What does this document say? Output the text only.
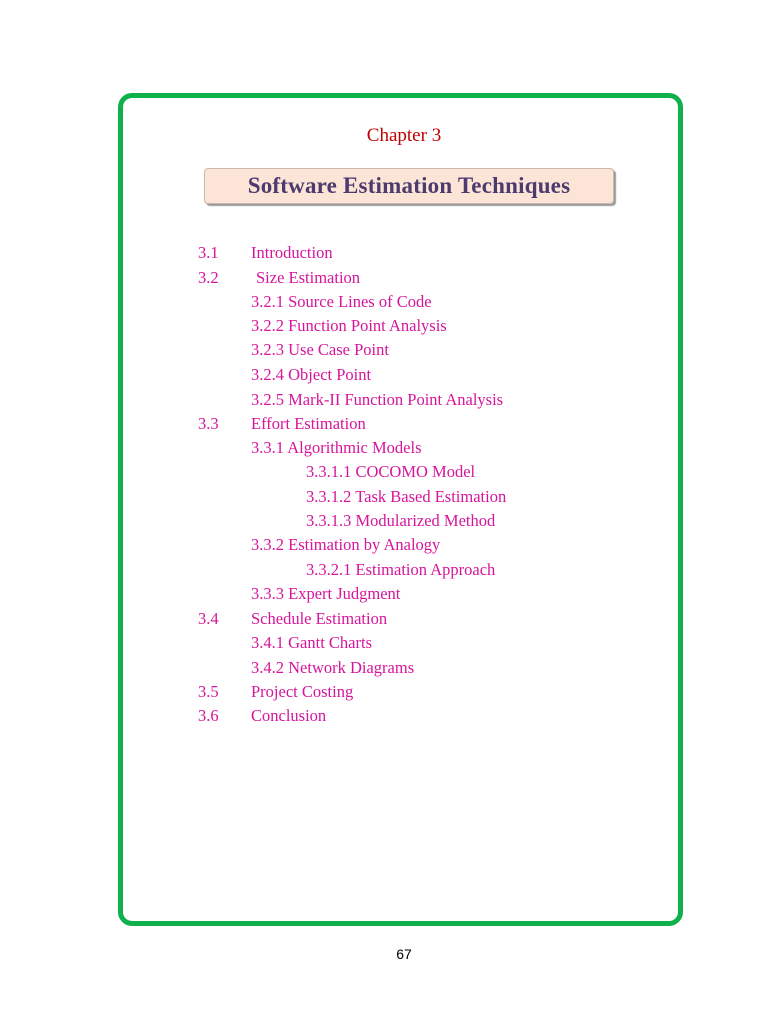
Chapter 3
Software Estimation Techniques
3.1 Introduction
3.2 Size Estimation
3.2.1 Source Lines of Code
3.2.2 Function Point Analysis
3.2.3 Use Case Point
3.2.4 Object Point
3.2.5 Mark-II Function Point Analysis
3.3 Effort Estimation
3.3.1 Algorithmic Models
3.3.1.1 COCOMO Model
3.3.1.2 Task Based Estimation
3.3.1.3 Modularized Method
3.3.2 Estimation by Analogy
3.3.2.1 Estimation Approach
3.3.3 Expert Judgment
3.4 Schedule Estimation
3.4.1 Gantt Charts
3.4.2 Network Diagrams
3.5 Project Costing
3.6 Conclusion
67
